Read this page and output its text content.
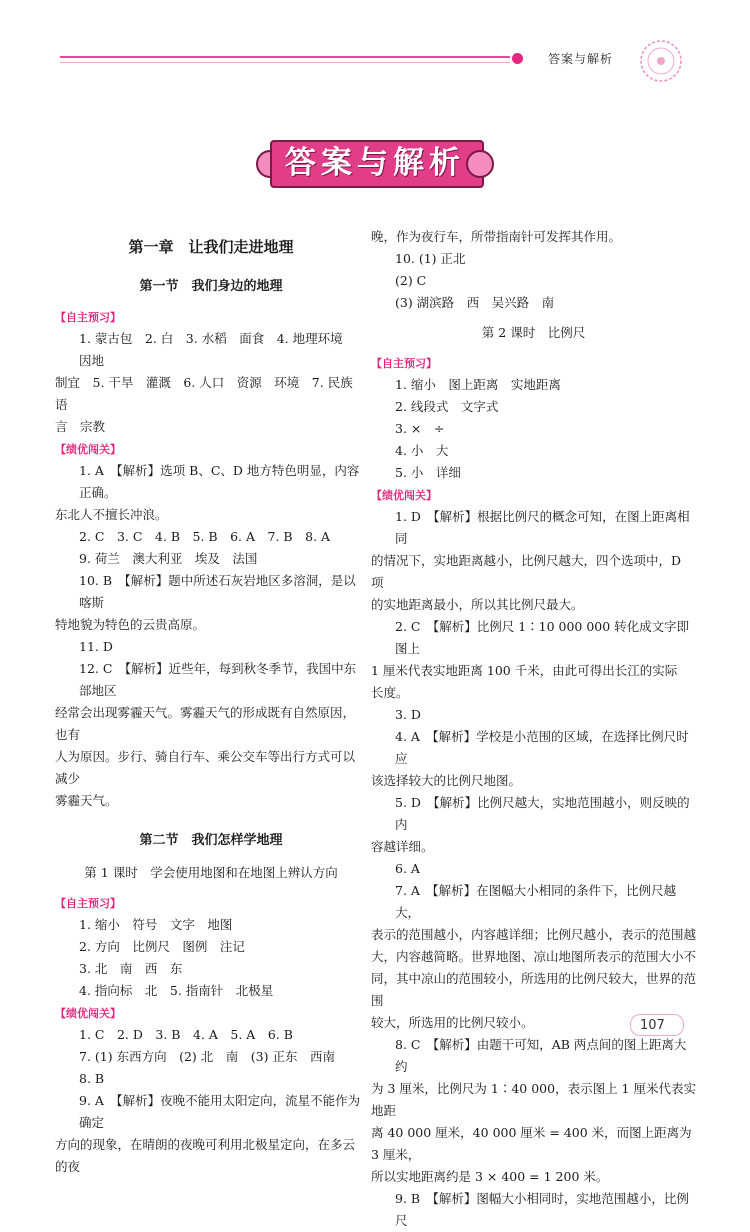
答案与解析
答案与解析
第一章　让我们走进地理
第一节　我们身边的地理
【自主预习】

1. 蒙古包　2. 白　3. 水稻　面食　4. 地理环境　因地

制宜　5. 干旱　灌溉　6. 人口　资源　环境　7. 民族　语

言　宗教

【绩优闯关】

1. A　【解析】选项 B、C、D 地方特色明显，内容正确。

东北人不擅长冲浪。

2. C　3. C　4. B　5. B　6. A　7. B　8. A

9. 荷兰　澳大利亚　埃及　法国

10. B　【解析】题中所述石灰岩地区多溶洞，是以喀斯

特地貌为特色的云贵高原。

11. D

12. C　【解析】近些年，每到秋冬季节，我国中东部地区

经常会出现雾霾天气。雾霾天气的形成既有自然原因，也有

人为原因。步行、骑自行车、乘公交车等出行方式可以减少

雾霾天气。

第二节　我们怎样学地理
第 1 课时　学会使用地图和在地图上辨认方向
【自主预习】

1. 缩小　符号　文字　地图

2. 方向　比例尺　图例　注记

3. 北　南　西　东

4. 指向标　北　5. 指南针　北极星

【绩优闯关】

1. C　2. D　3. B　4. A　5. A　6. B

7. (1) 东西方向　(2) 北　南　(3) 正东　西南

8. B

9. A　【解析】夜晚不能用太阳定向，流星不能作为确定

方向的现象，在晴朗的夜晚可利用北极星定向，在多云的夜

晚，作为夜行车，所带指南针可发挥其作用。

10. (1) 正北

(2) C

(3) 湖滨路　西　吴兴路　南

第 2 课时　比例尺
【自主预习】

1. 缩小　图上距离　实地距离

2. 线段式　文字式

3. ×　÷

4. 小　大

5. 小　详细

【绩优闯关】

1. D　【解析】根据比例尺的概念可知，在图上距离相同

的情况下，实地距离越小，比例尺越大，四个选项中，D 项

的实地距离最小，所以其比例尺最大。

2. C　【解析】比例尺 1∶10 000 000 转化成文字即图上

1 厘米代表实地距离 100 千米，由此可得出长江的实际

长度。

3. D

4. A　【解析】学校是小范围的区域，在选择比例尺时应

该选择较大的比例尺地图。

5. D　【解析】比例尺越大，实地范围越小，则反映的内

容越详细。

6. A

7. A　【解析】在图幅大小相同的条件下，比例尺越大，

表示的范围越小，内容越详细；比例尺越小，表示的范围越

大，内容越简略。世界地图、凉山地图所表示的范围大小不

同，其中凉山的范围较小，所选用的比例尺较大，世界的范围

较大，所选用的比例尺较小。

8. C　【解析】由题干可知，AB 两点间的图上距离大约

为 3 厘米，比例尺为 1∶40 000，表示图上 1 厘米代表实地距

离 40 000 厘米，40 000 厘米 = 400 米，而图上距离为 3 厘米，

所以实地距离约是 3 × 400 = 1 200 米。

9. B　【解析】图幅大小相同时，实地范围越小，比例尺

107
